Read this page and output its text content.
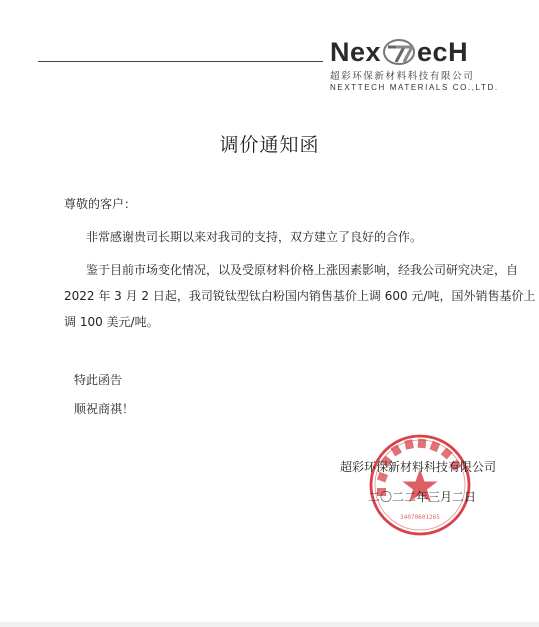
Nex ecH
超彩环保新材料科技有限公司
NEXTTECH MATERIALS CO.,LTD.
调价通知函
尊敬的客户：
非常感谢贵司长期以来对我司的支持，双方建立了良好的合作。
鉴于目前市场变化情况，以及受原材料价格上涨因素影响，经我公司研究决定，自
2022 年 3 月 2 日起，我司锐钛型钛白粉国内销售基价上调 600 元/吨，国外销售基价上
调 100 美元/吨。
特此函告
顺祝商祺！
34070601265
超彩环保新材料科技有限公司
二〇二二年三月二日
